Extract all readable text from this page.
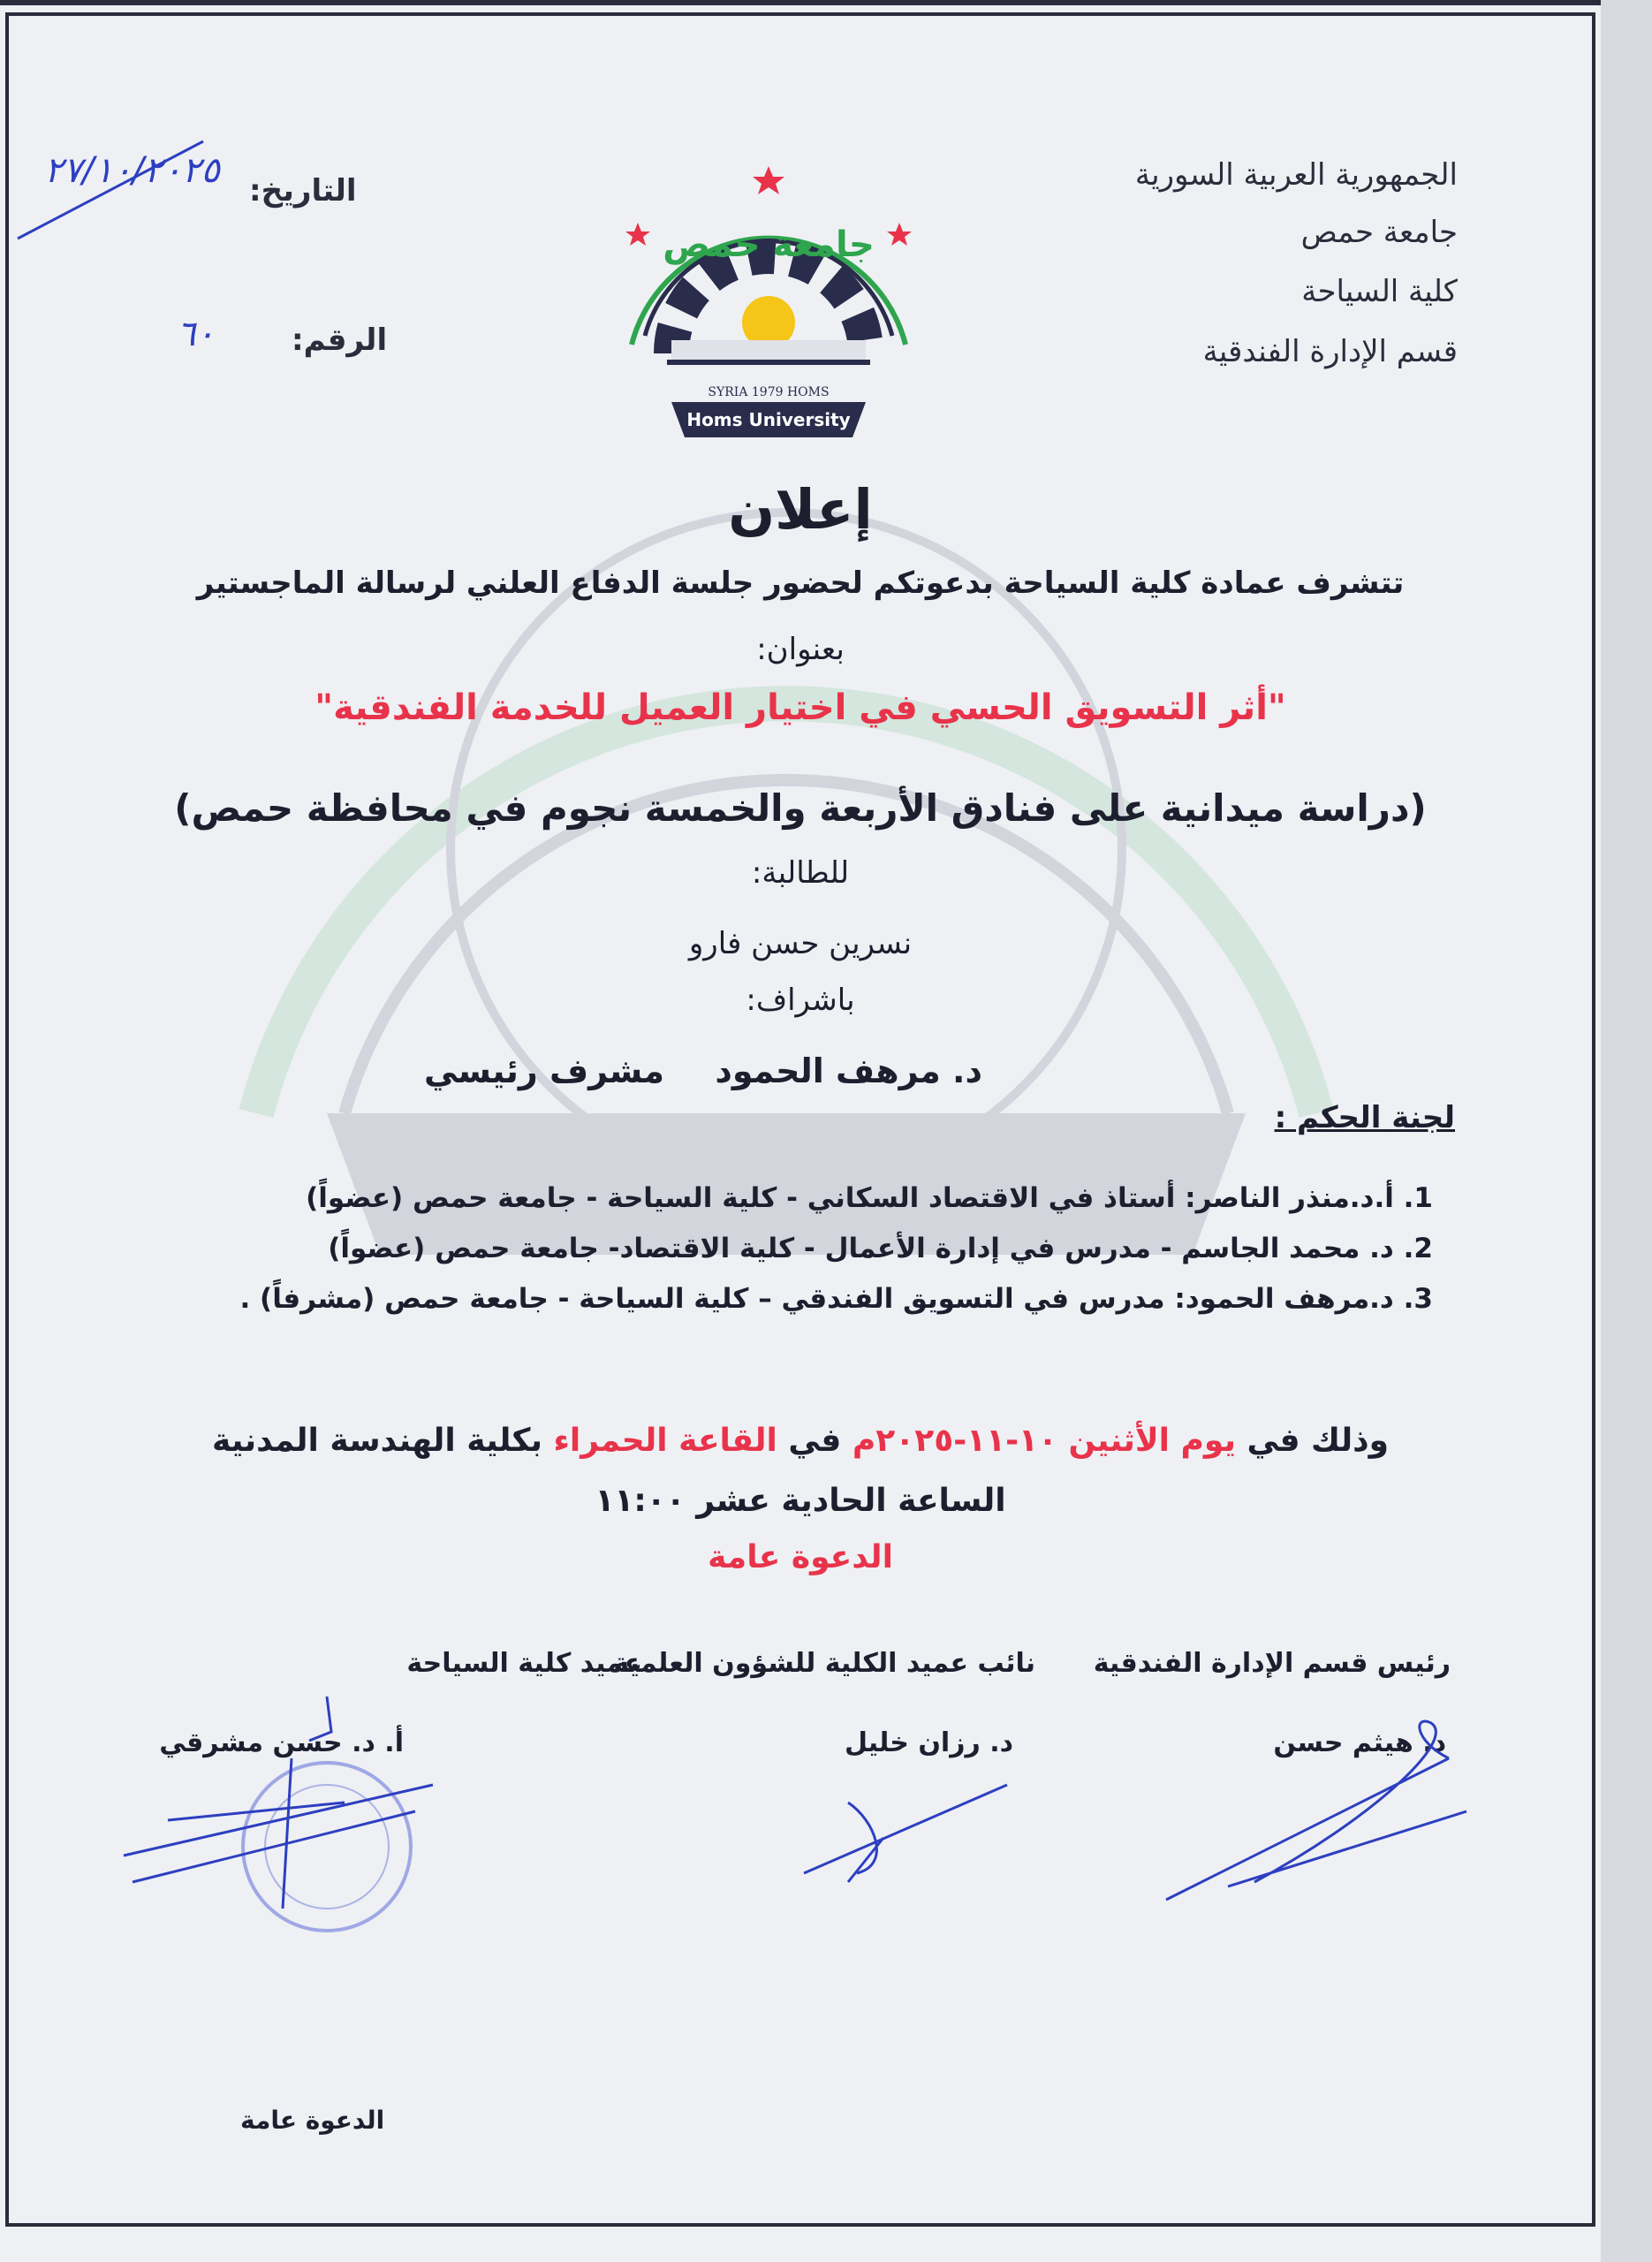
الجمهورية العربية السورية
جامعة حمص
كلية السياحة
قسم الإدارة الفندقية
التاريخ:
٢٧/١٠/٢٠٢٥
الرقم:
٦٠
SYRIA 1979 HOMS
Homs University
جامعة حمص
إعلان
تتشرف عمادة كلية السياحة بدعوتكم لحضور جلسة الدفاع العلني لرسالة الماجستير
بعنوان:
"أثر التسويق الحسي في اختيار العميل للخدمة الفندقية"
(دراسة ميدانية على فنادق الأربعة والخمسة نجوم في محافظة حمص)
للطالبة:
نسرين حسن فارو
باشراف:
د. مرهف الحمود
مشرف رئيسي
لجنة الحكم :
1. أ.د.منذر الناصر: أستاذ في الاقتصاد السكاني - كلية السياحة - جامعة حمص (عضواً)
2. د. محمد الجاسم - مدرس في إدارة الأعمال - كلية الاقتصاد- جامعة حمص (عضواً)
3. د.مرهف الحمود: مدرس في التسويق الفندقي – كلية السياحة - جامعة حمص (مشرفاً) .
وذلك في يوم الأثنين ١٠-١١-٢٠٢٥م في القاعة الحمراء بكلية الهندسة المدنية
الساعة الحادية عشر ١١:٠٠
الدعوة عامة
رئيس قسم الإدارة الفندقية
نائب عميد الكلية للشؤون العلمية
عميد كلية السياحة
د. هيثم حسن
د. رزان خليل
أ. د. حسن مشرقي
الدعوة عامة
